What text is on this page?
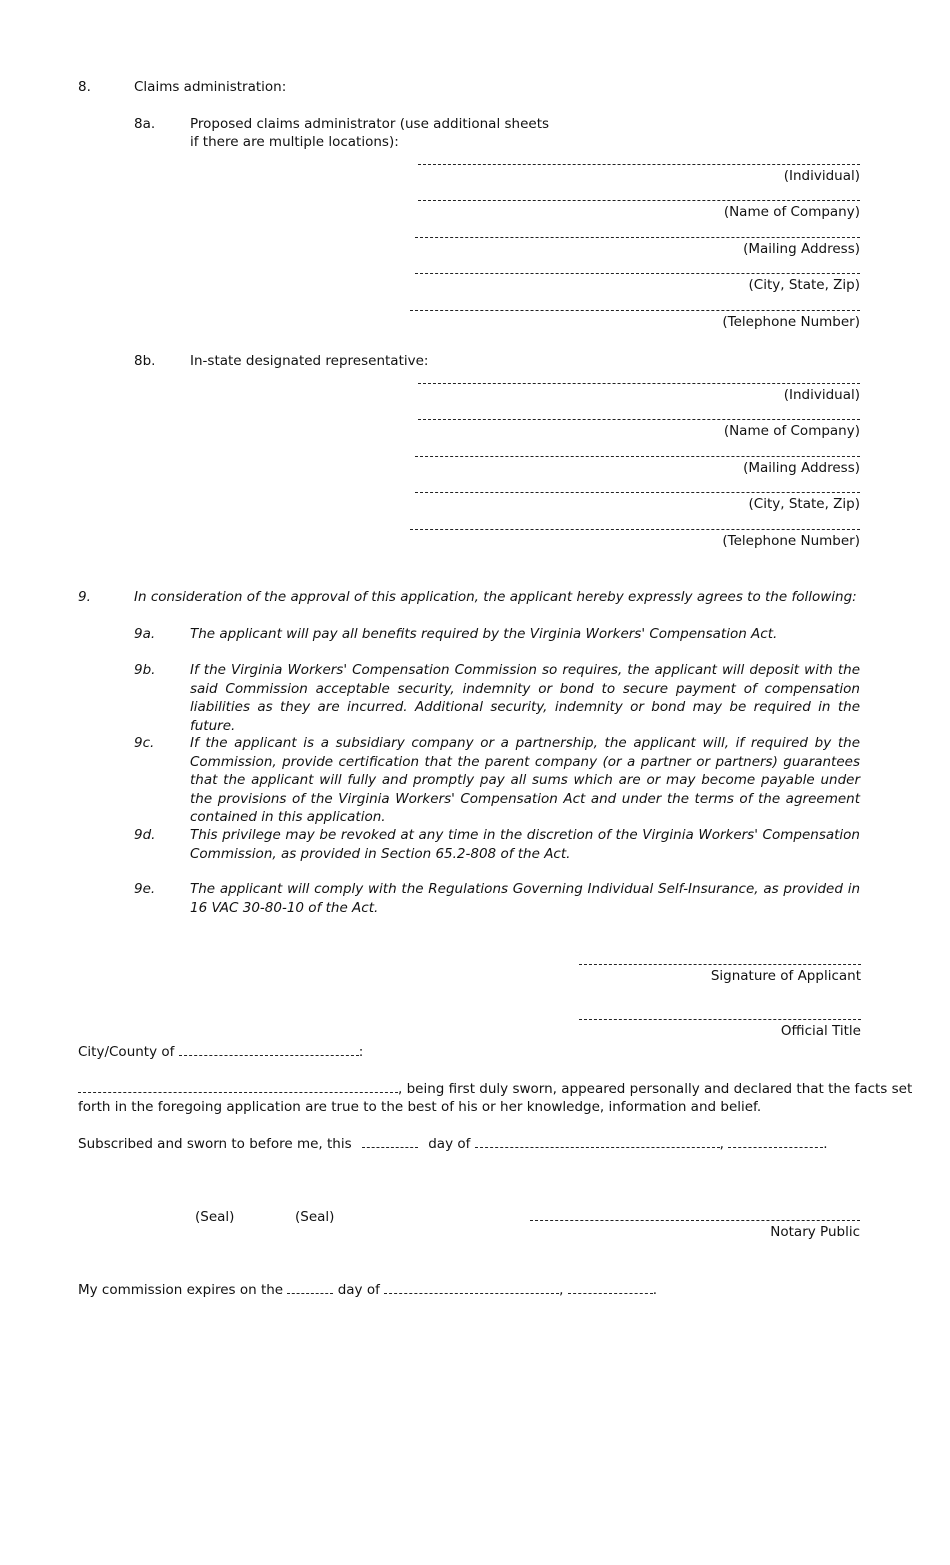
8.	Claims administration:
8a.	Proposed claims administrator (use additional sheets
if there are multiple locations):
(Individual)
(Name of Company)
(Mailing Address)
(City, State, Zip)
(Telephone Number)
8b.	In-state designated representative:
(Individual)
(Name of Company)
(Mailing Address)
(City, State, Zip)
(Telephone Number)
9.	In consideration of the approval of this application, the applicant hereby expressly agrees to the following:
9a.	The applicant will pay all benefits required by the Virginia Workers' Compensation Act.
9b.	If the Virginia Workers' Compensation Commission so requires, the applicant will deposit with the said Commission acceptable security, indemnity or bond to secure payment of compensation liabilities as they are incurred. Additional security, indemnity or bond may be required in the future.
9c.	If the applicant is a subsidiary company or a partnership, the applicant will, if required by the Commission, provide certification that the parent company (or a partner or partners) guarantees that the applicant will fully and promptly pay all sums which are or may become payable under the provisions of the Virginia Workers' Compensation Act and under the terms of the agreement contained in this application.
9d.	This privilege may be revoked at any time in the discretion of the Virginia Workers' Compensation Commission, as provided in Section 65.2-808 of the Act.
9e.	The applicant will comply with the Regulations Governing Individual Self-Insurance, as provided in 16 VAC 30-80-10 of the Act.
Signature of Applicant
Official Title
City/County of	:
, being first duly sworn, appeared personally and declared that the facts set
forth in the foregoing application are true to the best of his or her knowledge, information and belief.
Subscribed and sworn to before me, this	day of	,	.
(Seal)	(Seal)
Notary Public
My commission expires on the	day of	,	.
